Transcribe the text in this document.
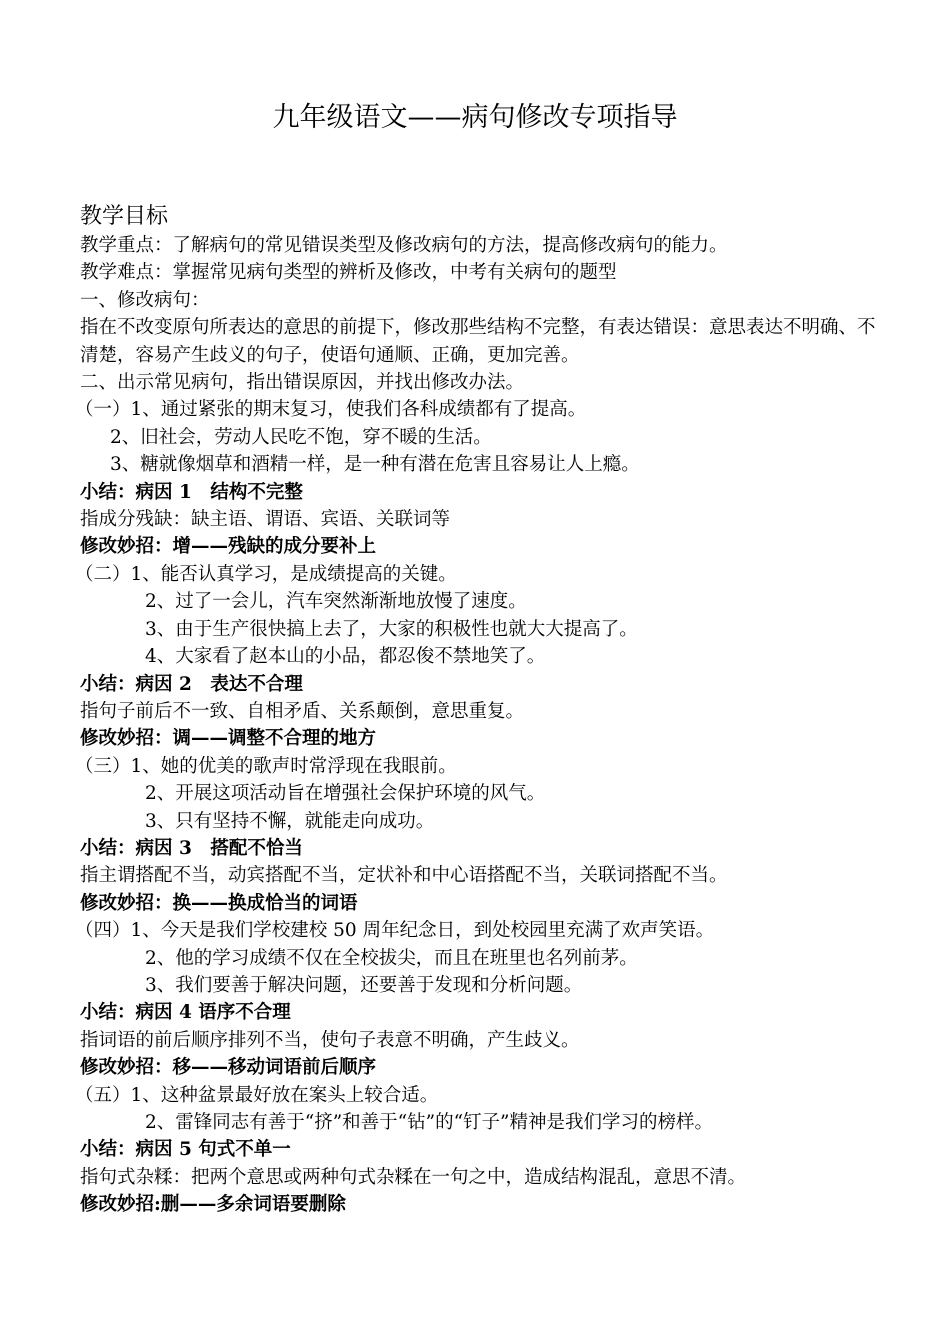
九年级语文——病句修改专项指导

教学目标

教学重点：了解病句的常见错误类型及修改病句的方法，提高修改病句的能力。

教学难点：掌握常见病句类型的辨析及修改，中考有关病句的题型

一、修改病句：

指在不改变原句所表达的意思的前提下，修改那些结构不完整，有表达错误：意思表达不明确、不清楚，容易产生歧义的句子，使语句通顺、正确，更加完善。

二、出示常见病句，指出错误原因，并找出修改办法。

（一）1、通过紧张的期末复习，使我们各科成绩都有了提高。

2、旧社会，劳动人民吃不饱，穿不暖的生活。

3、糖就像烟草和酒精一样，是一种有潜在危害且容易让人上瘾。

小结：病因 1　结构不完整

指成分残缺：缺主语、谓语、宾语、关联词等

修改妙招：增——残缺的成分要补上

（二）1、能否认真学习，是成绩提高的关键。

2、过了一会儿，汽车突然渐渐地放慢了速度。

3、由于生产很快搞上去了，大家的积极性也就大大提高了。

4、大家看了赵本山的小品，都忍俊不禁地笑了。

小结：病因 2　表达不合理

指句子前后不一致、自相矛盾、关系颠倒，意思重复。

修改妙招：调——调整不合理的地方

（三）1、她的优美的歌声时常浮现在我眼前。

2、开展这项活动旨在增强社会保护环境的风气。

3、只有坚持不懈，就能走向成功。

小结：病因 3　搭配不恰当

指主谓搭配不当，动宾搭配不当，定状补和中心语搭配不当，关联词搭配不当。

修改妙招：换——换成恰当的词语

（四）1、今天是我们学校建校 50 周年纪念日，到处校园里充满了欢声笑语。

2、他的学习成绩不仅在全校拔尖，而且在班里也名列前茅。

3、我们要善于解决问题，还要善于发现和分析问题。

小结：病因 4 语序不合理

指词语的前后顺序排列不当，使句子表意不明确，产生歧义。

修改妙招：移——移动词语前后顺序

（五）1、这种盆景最好放在案头上较合适。

2、雷锋同志有善于“挤”和善于“钻”的“钉子”精神是我们学习的榜样。

小结：病因 5 句式不单一

指句式杂糅：把两个意思或两种句式杂糅在一句之中，造成结构混乱，意思不清。

修改妙招:删——多余词语要删除
